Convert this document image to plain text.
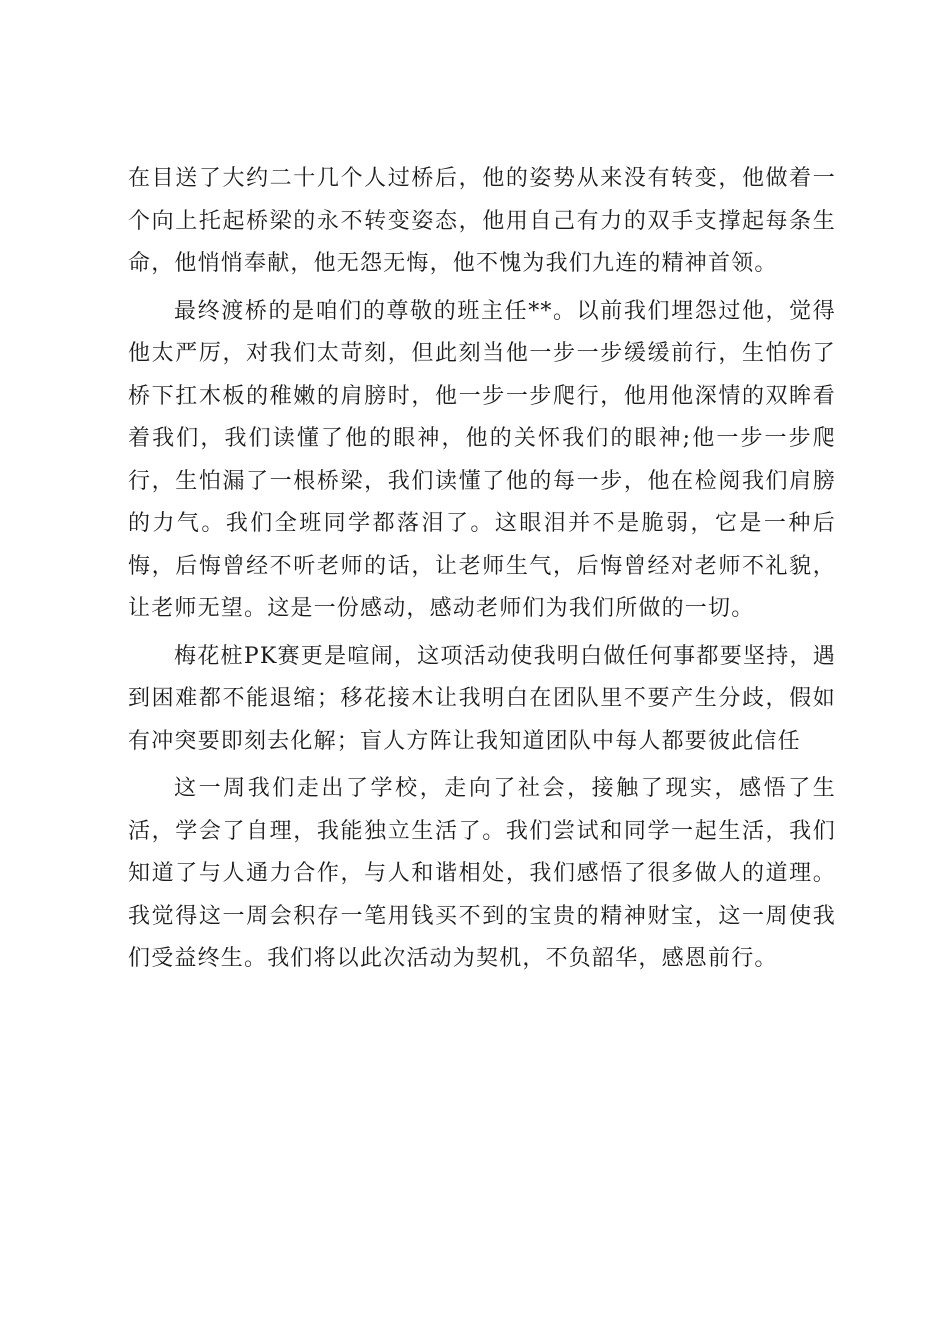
在目送了大约二十几个人过桥后，他的姿势从来没有转变，他做着一个向上托起桥梁的永不转变姿态，他用自己有力的双手支撑起每条生命，他悄悄奉献，他无怨无悔，他不愧为我们九连的精神首领。

最终渡桥的是咱们的尊敬的班主任**。以前我们埋怨过他，觉得他太严厉，对我们太苛刻，但此刻当他一步一步缓缓前行，生怕伤了桥下扛木板的稚嫩的肩膀时，他一步一步爬行，他用他深情的双眸看着我们，我们读懂了他的眼神，他的关怀我们的眼神;他一步一步爬行，生怕漏了一根桥梁，我们读懂了他的每一步，他在检阅我们肩膀的力气。我们全班同学都落泪了。这眼泪并不是脆弱，它是一种后悔，后悔曾经不听老师的话，让老师生气，后悔曾经对老师不礼貌，让老师无望。这是一份感动，感动老师们为我们所做的一切。

梅花桩PK赛更是喧闹，这项活动使我明白做任何事都要坚持，遇到困难都不能退缩；移花接木让我明白在团队里不要产生分歧，假如有冲突要即刻去化解；盲人方阵让我知道团队中每人都要彼此信任

这一周我们走出了学校，走向了社会，接触了现实，感悟了生活，学会了自理，我能独立生活了。我们尝试和同学一起生活，我们知道了与人通力合作，与人和谐相处，我们感悟了很多做人的道理。我觉得这一周会积存一笔用钱买不到的宝贵的精神财宝，这一周使我们受益终生。我们将以此次活动为契机，不负韶华，感恩前行。
